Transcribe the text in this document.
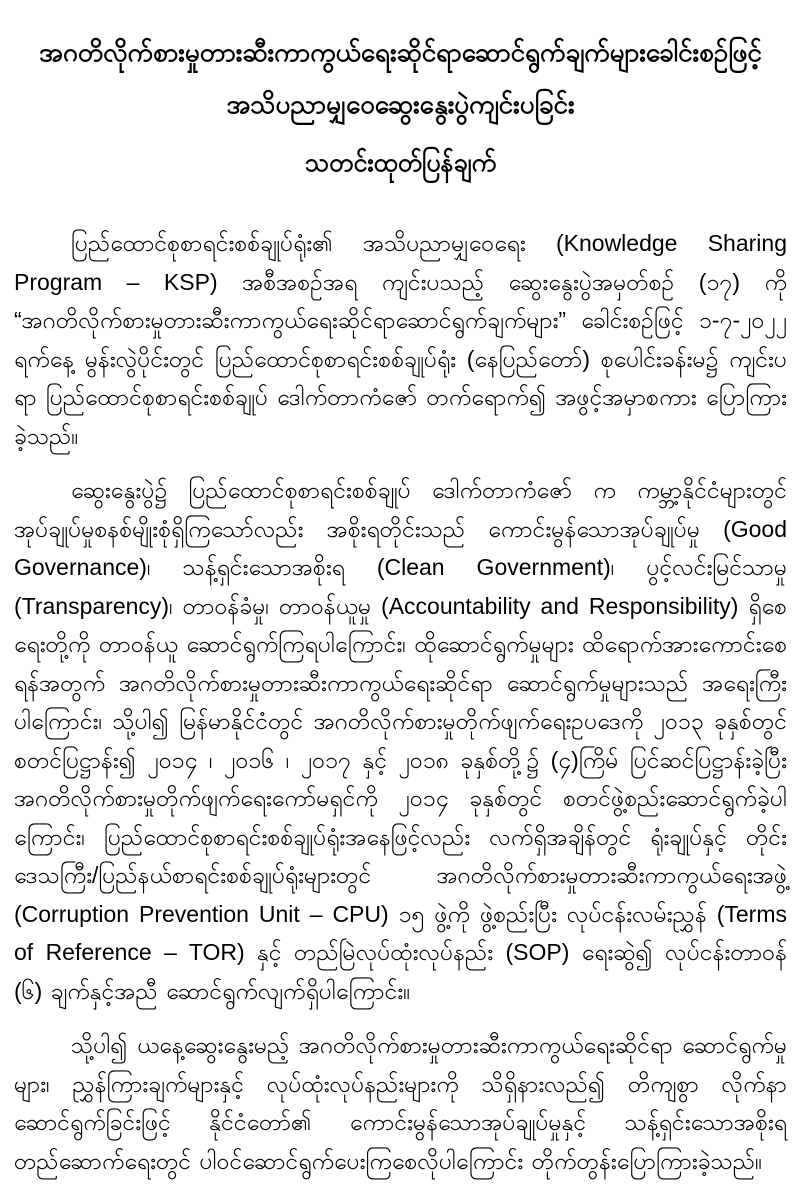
အဂတိလိုက်စားမှုတားဆီးကာကွယ်ရေးဆိုင်ရာဆောင်ရွက်ချက်များခေါင်းစဉ်ဖြင့်
အသိပညာမျှဝေဆွေးနွေးပွဲကျင်းပခြင်း
သတင်းထုတ်ပြန်ချက်

ပြည်ထောင်စုစာရင်းစစ်ချုပ်ရုံး၏ အသိပညာမျှဝေရေး (Knowledge Sharing Program – KSP) အစီအစဉ်အရ ကျင်းပသည့် ဆွေးနွေးပွဲအမှတ်စဉ် (၁၇) ကို “အဂတိလိုက်စားမှုတားဆီးကာကွယ်ရေးဆိုင်ရာဆောင်ရွက်ချက်များ” ခေါင်းစဉ်ဖြင့် ၁-၇-၂၀၂၂ ရက်နေ့ မွန်းလွဲပိုင်းတွင် ပြည်ထောင်စုစာရင်းစစ်ချုပ်ရုံး (နေပြည်တော်) စုပေါင်းခန်းမ၌ ကျင်းပရာ ပြည်ထောင်စုစာရင်းစစ်ချုပ် ဒေါက်တာကံဇော် တက်ရောက်၍ အဖွင့်အမှာစကား ပြောကြားခဲ့သည်။

ဆွေးနွေးပွဲ၌ ပြည်ထောင်စုစာရင်းစစ်ချုပ် ဒေါက်တာကံဇော် က ကမ္ဘာ့နိုင်ငံများတွင် အုပ်ချုပ်မှုစနစ်မျိုးစုံရှိကြသော်လည်း အစိုးရတိုင်းသည် ကောင်းမွန်သောအုပ်ချုပ်မှု (Good Governance)၊ သန့်ရှင်းသောအစိုးရ (Clean Government)၊ ပွင့်လင်းမြင်သာမှု (Transparency)၊ တာဝန်ခံမှု၊ တာဝန်ယူမှု (Accountability and Responsibility) ရှိစေရေးတို့ကို တာဝန်ယူ ဆောင်ရွက်ကြရပါကြောင်း၊ ထိုဆောင်ရွက်မှုများ ထိရောက်အားကောင်းစေရန်အတွက် အဂတိလိုက်စားမှုတားဆီးကာကွယ်ရေးဆိုင်ရာ ဆောင်ရွက်မှုများသည် အရေးကြီးပါကြောင်း၊ သို့ပါ၍ မြန်မာနိုင်ငံတွင် အဂတိလိုက်စားမှုတိုက်ဖျက်ရေးဥပဒေကို ၂၀၁၃ ခုနှစ်တွင် စတင်ပြဋ္ဌာန်း၍ ၂၀၁၄ ၊ ၂၀၁၆ ၊ ၂၀၁၇ နှင့် ၂၀၁၈ ခုနှစ်တို့၌ (၄)ကြိမ် ပြင်ဆင်ပြဋ္ဌာန်းခဲ့ပြီး အဂတိလိုက်စားမှုတိုက်ဖျက်ရေးကော်မရှင်ကို ၂၀၁၄ ခုနှစ်တွင် စတင်ဖွဲ့စည်းဆောင်ရွက်ခဲ့ပါကြောင်း၊ ပြည်ထောင်စုစာရင်းစစ်ချုပ်ရုံးအနေဖြင့်လည်း လက်ရှိအချိန်တွင် ရုံးချုပ်နှင့် တိုင်းဒေသကြီး/ပြည်နယ်စာရင်းစစ်ချုပ်ရုံးများတွင် အဂတိလိုက်စားမှုတားဆီးကာကွယ်ရေးအဖွဲ့ (Corruption Prevention Unit – CPU) ၁၅ ဖွဲ့ကို ဖွဲ့စည်းပြီး လုပ်ငန်းလမ်းညွှန် (Terms of Reference – TOR) နှင့် တည်မြဲလုပ်ထုံးလုပ်နည်း (SOP) ရေးဆွဲ၍ လုပ်ငန်းတာဝန် (၆) ချက်နှင့်အညီ ဆောင်ရွက်လျက်ရှိပါကြောင်း။

သို့ပါ၍ ယနေ့ဆွေးနွေးမည့် အဂတိလိုက်စားမှုတားဆီးကာကွယ်ရေးဆိုင်ရာ ဆောင်ရွက်မှုများ၊ ညွှန်ကြားချက်များနှင့် လုပ်ထုံးလုပ်နည်းများကို သိရှိနားလည်၍ တိကျစွာ လိုက်နာဆောင်ရွက်ခြင်းဖြင့် နိုင်ငံတော်၏ ကောင်းမွန်သောအုပ်ချုပ်မှုနှင့် သန့်ရှင်းသောအစိုးရတည်ဆောက်ရေးတွင် ပါဝင်ဆောင်ရွက်ပေးကြစေလိုပါကြောင်း တိုက်တွန်းပြောကြားခဲ့သည်။
